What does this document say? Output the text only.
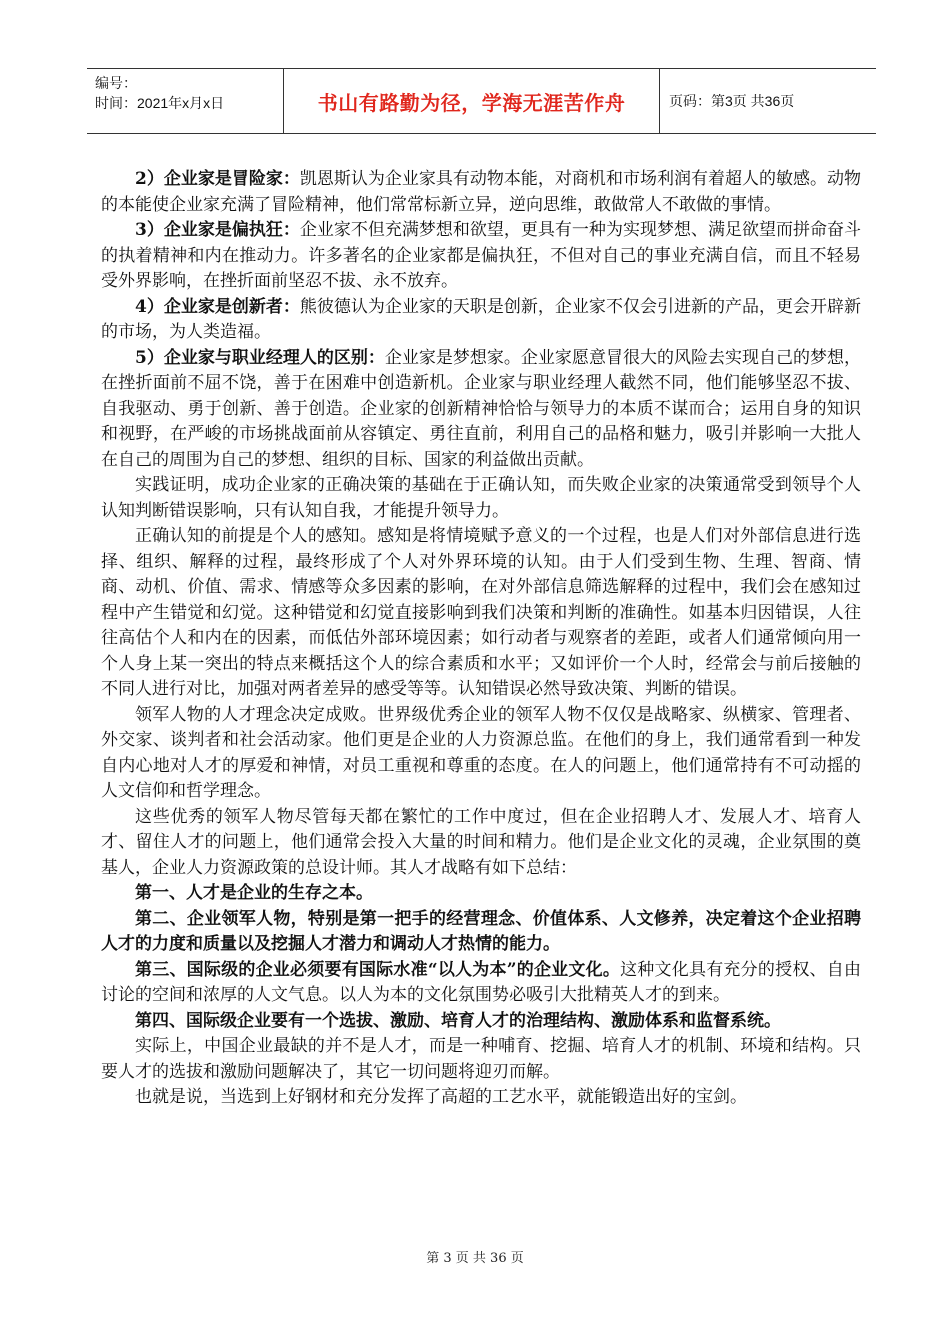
编号：
时间：2021年x月x日	书山有路勤为径，学海无涯苦作舟	页码：第3页 共36页

2）企业家是冒险家：凯恩斯认为企业家具有动物本能，对商机和市场利润有着超人的敏感。动物的本能使企业家充满了冒险精神，他们常常标新立异，逆向思维，敢做常人不敢做的事情。

3）企业家是偏执狂：企业家不但充满梦想和欲望，更具有一种为实现梦想、满足欲望而拼命奋斗的执着精神和内在推动力。许多著名的企业家都是偏执狂，不但对自己的事业充满自信，而且不轻易受外界影响，在挫折面前坚忍不拔、永不放弃。

4）企业家是创新者：熊彼德认为企业家的天职是创新，企业家不仅会引进新的产品，更会开辟新的市场，为人类造福。

5）企业家与职业经理人的区别：企业家是梦想家。企业家愿意冒很大的风险去实现自己的梦想，在挫折面前不屈不饶，善于在困难中创造新机。企业家与职业经理人截然不同，他们能够坚忍不拔、自我驱动、勇于创新、善于创造。企业家的创新精神恰恰与领导力的本质不谋而合；运用自身的知识和视野，在严峻的市场挑战面前从容镇定、勇往直前，利用自己的品格和魅力，吸引并影响一大批人在自己的周围为自己的梦想、组织的目标、国家的利益做出贡献。

实践证明，成功企业家的正确决策的基础在于正确认知，而失败企业家的决策通常受到领导个人认知判断错误影响，只有认知自我，才能提升领导力。

正确认知的前提是个人的感知。感知是将情境赋予意义的一个过程，也是人们对外部信息进行选择、组织、解释的过程，最终形成了个人对外界环境的认知。由于人们受到生物、生理、智商、情商、动机、价值、需求、情感等众多因素的影响，在对外部信息筛选解释的过程中，我们会在感知过程中产生错觉和幻觉。这种错觉和幻觉直接影响到我们决策和判断的准确性。如基本归因错误，人往往高估个人和内在的因素，而低估外部环境因素；如行动者与观察者的差距，或者人们通常倾向用一个人身上某一突出的特点来概括这个人的综合素质和水平；又如评价一个人时，经常会与前后接触的不同人进行对比，加强对两者差异的感受等等。认知错误必然导致决策、判断的错误。

领军人物的人才理念决定成败。世界级优秀企业的领军人物不仅仅是战略家、纵横家、管理者、外交家、谈判者和社会活动家。他们更是企业的人力资源总监。在他们的身上，我们通常看到一种发自内心地对人才的厚爱和神情，对员工重视和尊重的态度。在人的问题上，他们通常持有不可动摇的人文信仰和哲学理念。

这些优秀的领军人物尽管每天都在繁忙的工作中度过，但在企业招聘人才、发展人才、培育人才、留住人才的问题上，他们通常会投入大量的时间和精力。他们是企业文化的灵魂，企业氛围的奠基人，企业人力资源政策的总设计师。其人才战略有如下总结：

第一、人才是企业的生存之本。

第二、企业领军人物，特别是第一把手的经营理念、价值体系、人文修养，决定着这个企业招聘人才的力度和质量以及挖掘人才潜力和调动人才热情的能力。

第三、国际级的企业必须要有国际水准“以人为本”的企业文化。这种文化具有充分的授权、自由讨论的空间和浓厚的人文气息。以人为本的文化氛围势必吸引大批精英人才的到来。

第四、国际级企业要有一个选拔、激励、培育人才的治理结构、激励体系和监督系统。

实际上，中国企业最缺的并不是人才，而是一种哺育、挖掘、培育人才的机制、环境和结构。只要人才的选拔和激励问题解决了，其它一切问题将迎刃而解。

也就是说，当选到上好钢材和充分发挥了高超的工艺水平，就能锻造出好的宝剑。

第 3 页 共 36 页
